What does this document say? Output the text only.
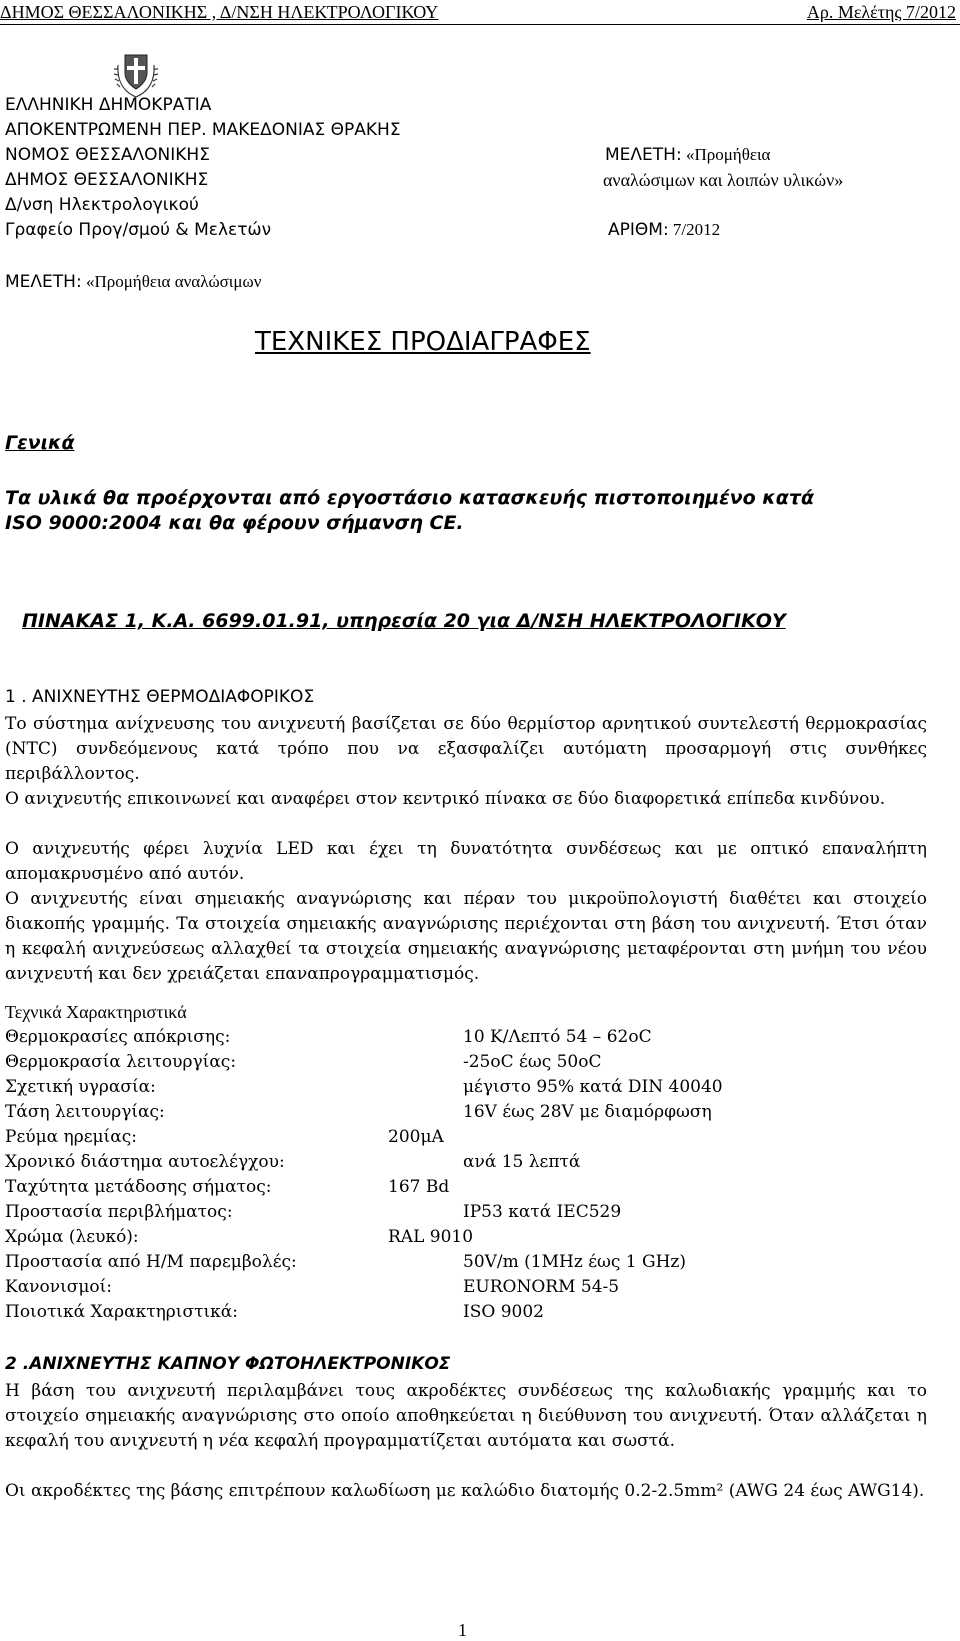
ΔΗΜΟΣ ΘΕΣΣΑΛΟΝΙΚΗΣ , Δ/ΝΣΗ ΗΛΕΚΤΡΟΛΟΓΙΚΟΥ	Αρ. Μελέτης 7/2012
ΕΛΛΗΝΙΚΗ ΔΗΜΟΚΡΑΤΙΑ
ΑΠΟΚΕΝΤΡΩΜΕΝΗ ΠΕΡ. ΜΑΚΕΔΟΝΙΑΣ ΘΡΑΚΗΣ
ΝΟΜΟΣ ΘΕΣΣΑΛΟΝΙΚΗΣ
ΔΗΜΟΣ ΘΕΣΣΑΛΟΝΙΚΗΣ
Δ/νση Ηλεκτρολογικού
Γραφείο Προγ/σμού & Μελετών
ΜΕΛΕΤΗ: «Προμήθεια
αναλώσιμων και λοιπών υλικών»
ΑΡΙΘΜ: 7/2012
ΜΕΛΕΤΗ: «Προμήθεια αναλώσιμων
ΤΕΧΝΙΚΕΣ ΠΡΟΔΙΑΓΡΑΦΕΣ
Γενικά
Τα υλικά θα προέρχονται από εργοστάσιο κατασκευής πιστοποιημένο κατά
ISO 9000:2004 και θα φέρουν σήμανση CE.
ΠΙΝΑΚΑΣ 1, Κ.Α. 6699.01.91, υπηρεσία 20 για Δ/ΝΣΗ ΗΛΕΚΤΡΟΛΟΓΙΚΟΥ
1 . ΑΝΙΧΝΕΥΤΗΣ ΘΕΡΜΟΔΙΑΦΟΡΙΚΟΣ
Το σύστημα ανίχνευσης του ανιχνευτή βασίζεται σε δύο θερμίστορ αρνητικού συντελεστή θερμοκρασίας (NTC) συνδεόμενους κατά τρόπο που να εξασφαλίζει αυτόματη προσαρμογή στις συνθήκες περιβάλλοντος.
Ο ανιχνευτής επικοινωνεί και αναφέρει στον κεντρικό πίνακα σε δύο διαφορετικά επίπεδα κινδύνου.
Ο ανιχνευτής φέρει λυχνία LED και έχει τη δυνατότητα συνδέσεως και με οπτικό επαναλήπτη απομακρυσμένο από αυτόν.
Ο ανιχνευτής είναι σημειακής αναγνώρισης και πέραν του μικροϋπολογιστή διαθέτει και στοιχείο διακοπής γραμμής. Τα στοιχεία σημειακής αναγνώρισης περιέχονται στη βάση του ανιχνευτή. Έτσι όταν η κεφαλή ανιχνεύσεως αλλαχθεί τα στοιχεία σημειακής αναγνώρισης μεταφέρονται στη μνήμη του νέου ανιχνευτή και δεν χρειάζεται επαναπρογραμματισμός.
Τεχνικά Χαρακτηριστικά
Θερμοκρασίες απόκρισης:	10 Κ/Λεπτό 54 – 62oC
Θερμοκρασία λειτουργίας:	-25oC έως 50oC
Σχετική υγρασία:	μέγιστο 95% κατά DIN 40040
Τάση λειτουργίας:	16V έως 28V με διαμόρφωση
Ρεύμα ηρεμίας:	200μΑ
Χρονικό διάστημα αυτοελέγχου:	ανά 15 λεπτά
Ταχύτητα μετάδοσης σήματος:	167 Bd
Προστασία περιβλήματος:	IP53 κατά IEC529
Χρώμα (λευκό):	RAL 9010
Προστασία από Η/Μ παρεμβολές:	50V/m (1MHz έως 1 GHz)
Κανονισμοί:	EURONORM 54-5
Ποιοτικά Χαρακτηριστικά:	ISO 9002
2 .ΑΝΙΧΝΕΥΤΗΣ ΚΑΠΝΟΥ ΦΩΤΟΗΛΕΚΤΡΟΝΙΚΟΣ
Η βάση του ανιχνευτή περιλαμβάνει τους ακροδέκτες συνδέσεως της καλωδιακής γραμμής και το στοιχείο σημειακής αναγνώρισης στο οποίο αποθηκεύεται η διεύθυνση του ανιχνευτή. Όταν αλλάζεται η κεφαλή του ανιχνευτή η νέα κεφαλή προγραμματίζεται αυτόματα και σωστά.
Οι ακροδέκτες της βάσης επιτρέπουν καλωδίωση με καλώδιο διατομής 0.2-2.5mm² (AWG 24 έως AWG14).
1
